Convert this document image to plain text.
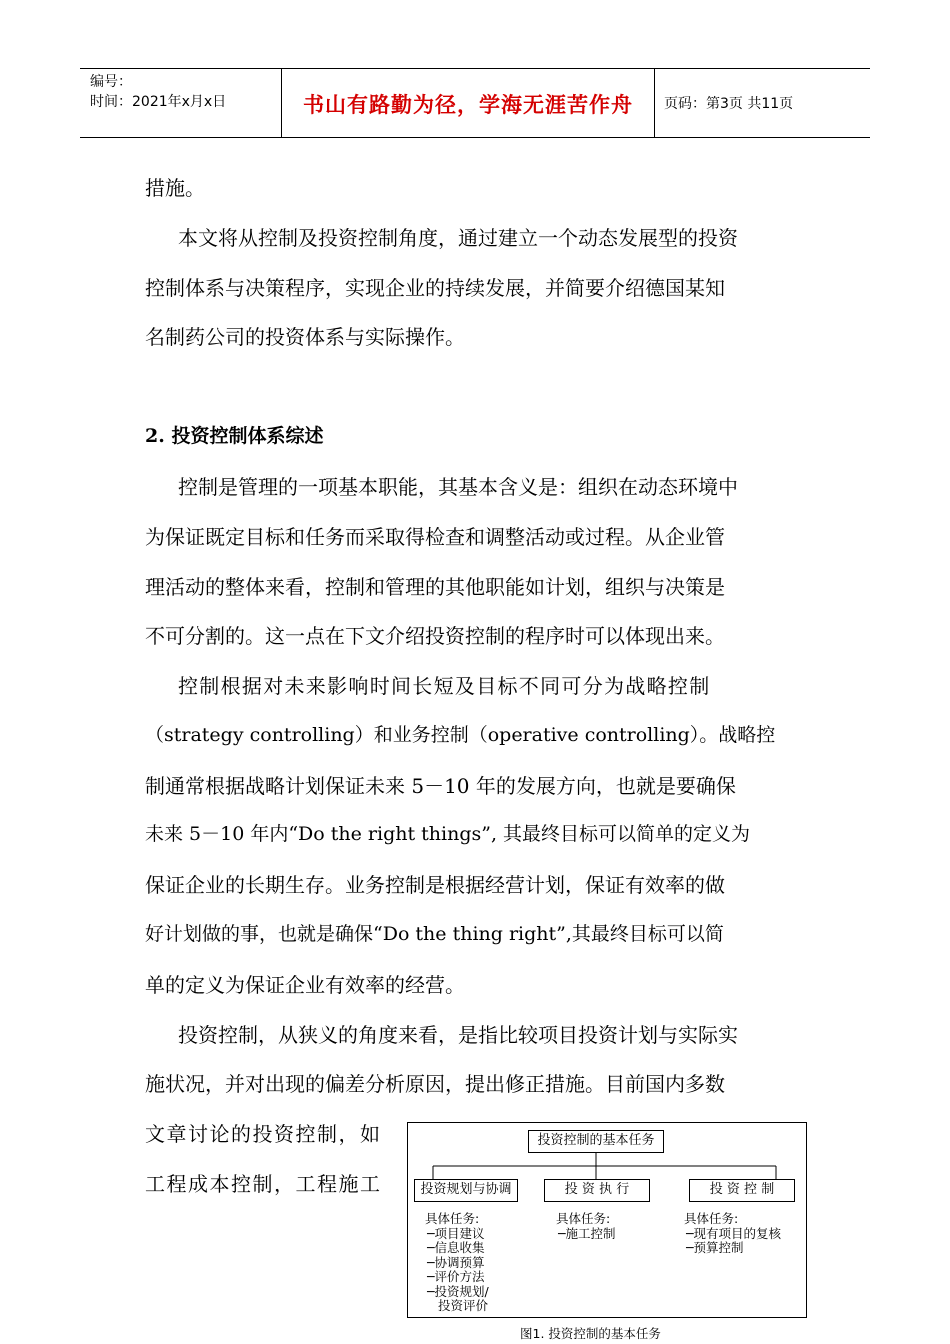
编号：
时间：2021年x月x日	书山有路勤为径，学海无涯苦作舟	页码：第3页 共11页
措施。
本文将从控制及投资控制角度，通过建立一个动态发展型的投资
控制体系与决策程序，实现企业的持续发展，并简要介绍德国某知
名制药公司的投资体系与实际操作。
2. 投资控制体系综述
控制是管理的一项基本职能，其基本含义是：组织在动态环境中
为保证既定目标和任务而采取得检查和调整活动或过程。从企业管
理活动的整体来看，控制和管理的其他职能如计划，组织与决策是
不可分割的。这一点在下文介绍投资控制的程序时可以体现出来。
控制根据对未来影响时间长短及目标不同可分为战略控制
（strategy controlling）和业务控制（operative controlling）。战略控
制通常根据战略计划保证未来 5－10 年的发展方向，也就是要确保
未来 5－10 年内“Do the right things”, 其最终目标可以简单的定义为
保证企业的长期生存。业务控制是根据经营计划，保证有效率的做
好计划做的事，也就是确保“Do the thing right”,其最终目标可以简
单的定义为保证企业有效率的经营。
投资控制，从狭义的角度来看，是指比较项目投资计划与实际实
施状况，并对出现的偏差分析原因，提出修正措施。目前国内多数
文章讨论的投资控制，如
工程成本控制，工程施工
投资控制的基本任务
投资规划与协调	投 资 执 行	投 资 控 制
具体任务:
─项目建议
─信息收集
─协调预算
─评价方法
─投资规划/
投资评价
具体任务:
─施工控制
具体任务:
─现有项目的复核
─预算控制
图1. 投资控制的基本任务
